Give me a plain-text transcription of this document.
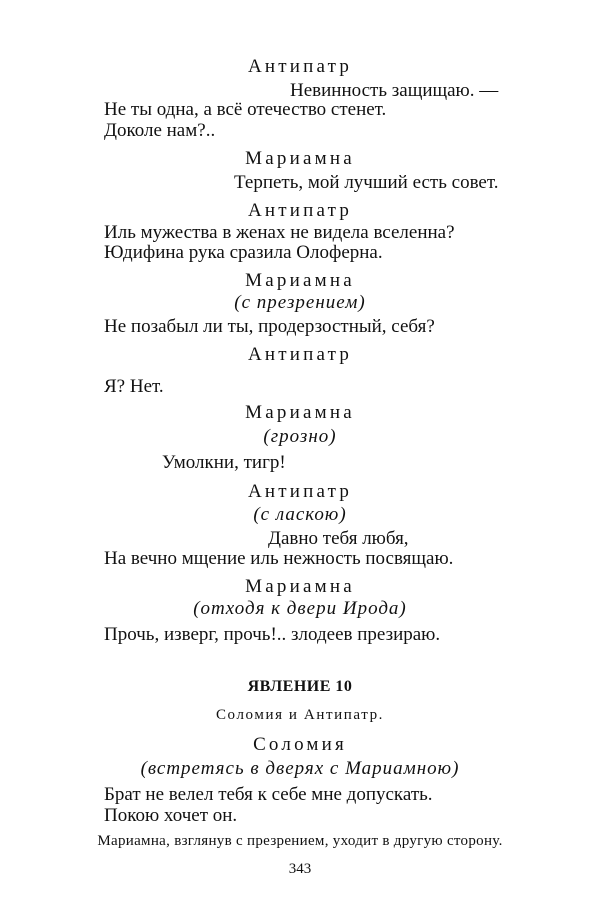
Антипатр
Невинность защищаю. —
Не ты одна, а всё отечество стенет.
Доколе нам?..
Мариамна
Терпеть, мой лучший есть совет.
Антипатр
Иль мужества в женах не видела вселенна?
Юдифина рука сразила Олоферна.
Мариамна
(с презрением)
Не позабыл ли ты, продерзостный, себя?
Антипатр
Я? Нет.
Мариамна
(грозно)
Умолкни, тигр!
Антипатр
(с ласкою)
Давно тебя любя,
На вечно мщение иль нежность посвящаю.
Мариамна
(отходя к двери Ирода)
Прочь, изверг, прочь!.. злодеев презираю.
ЯВЛЕНИЕ 10
Соломия и Антипатр.
Соломия
(встретясь в дверях с Мариамною)
Брат не велел тебя к себе мне допускать.
Покою хочет он.
Мариамна, взглянув с презрением, уходит в другую сторону.
343
